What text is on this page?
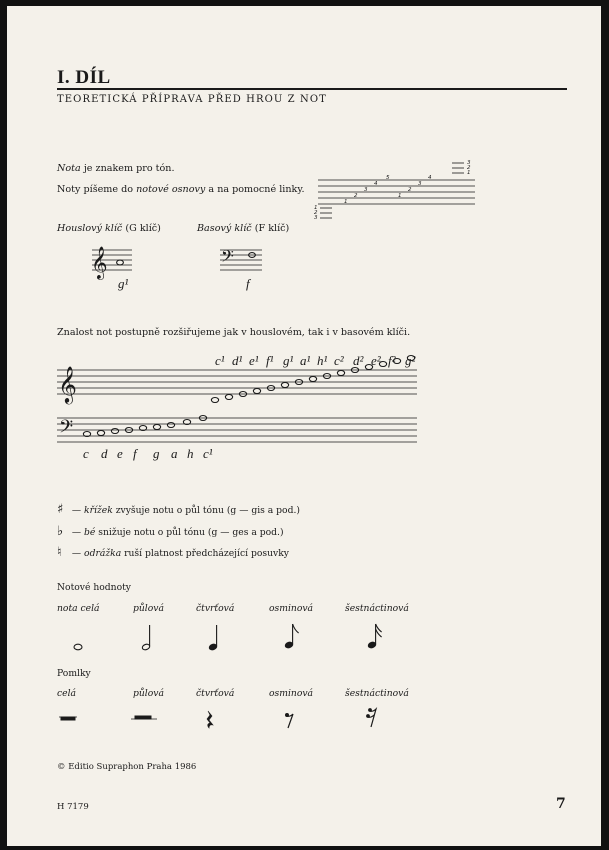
I. DÍL
TEORETICKÁ PŘÍPRAVA PŘED HROU Z NOT
Nota je znakem pro tón.
Noty píšeme do notové osnovy a na pomocné linky.
1
2
3
4
5
1
2
3
4
1
2
3
1
2
3
Houslový klíč (G klíč)	Basový klíč (F klíč)
𝄞
g¹
𝄢
f
Znalost not postupně rozšiřujeme jak v houslovém, tak i v basovém klíči.
𝄞
𝄢
c¹ d¹ e¹ f¹ g¹ a¹ h¹ c² d² e² f² g²
c d e f g a h c¹
♯ — křížek zvyšuje notu o půl tónu (g — gis a pod.)
♭ — bé snižuje notu o půl tónu (g — ges a pod.)
♮ — odrážka ruší platnost předcházející posuvky
Notové hodnoty
nota celá	půlová	čtvrťová	osminová	šestnáctinová
Pomlky
celá	půlová	čtvrťová	osminová	šestnáctinová
© Editio Supraphon Praha 1986
H 7179	7
